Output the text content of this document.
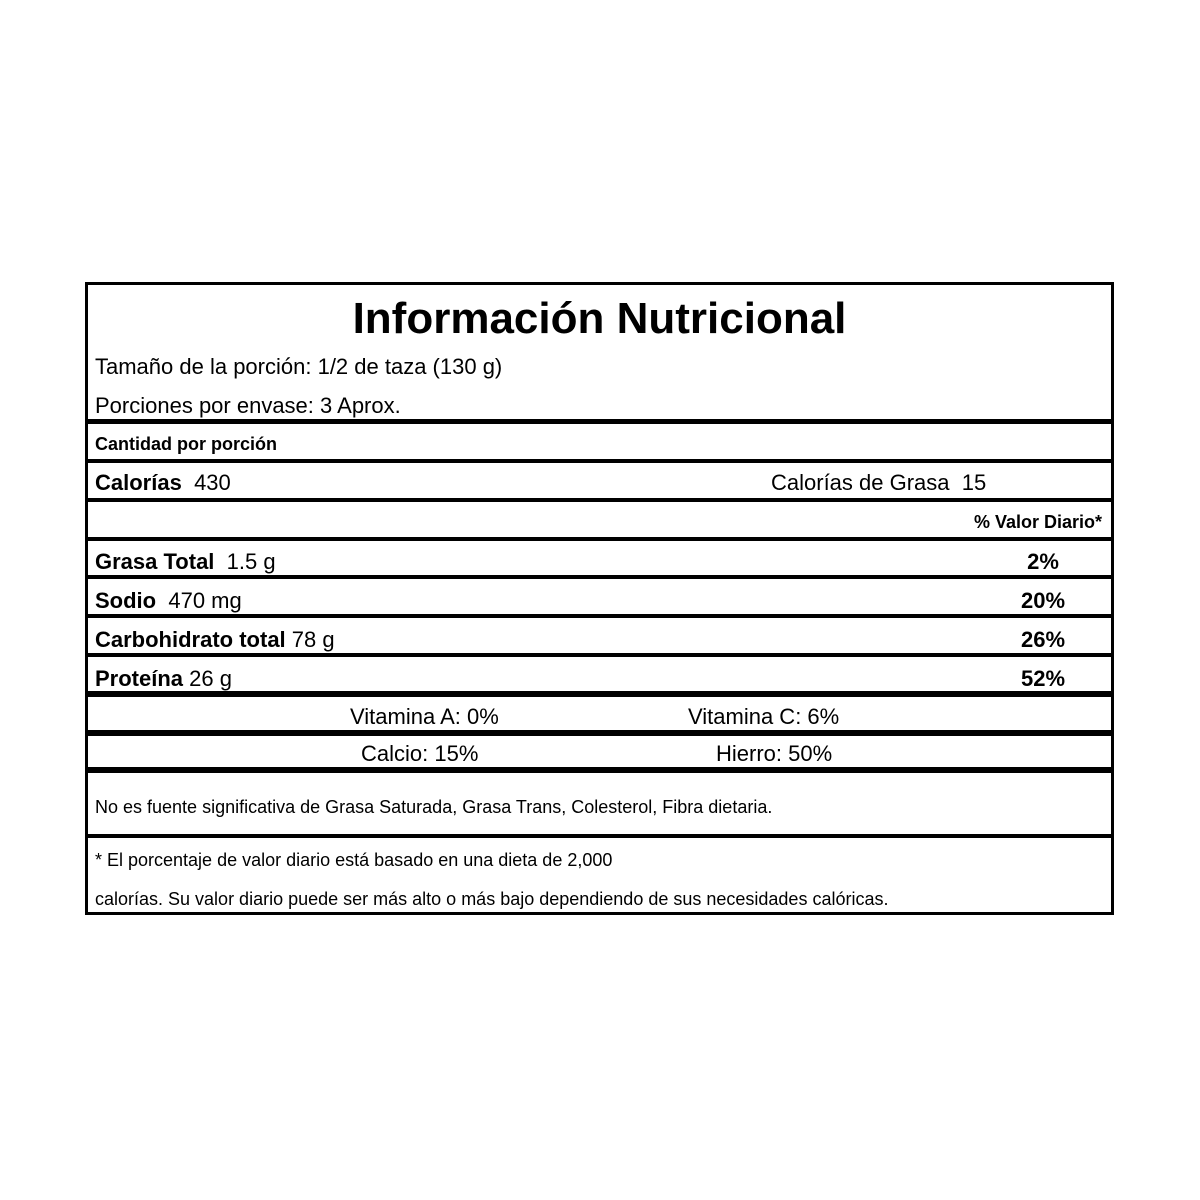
Información Nutricional
Tamaño de la porción: 1/2 de taza (130 g)
Porciones por envase: 3 Aprox.
Cantidad por porción
Calorías 430	Calorías de Grasa 15
% Valor Diario*
Grasa Total 1.5 g	2%
Sodio 470 mg	20%
Carbohidrato total 78 g	26%
Proteína 26 g	52%
Vitamina A: 0%	Vitamina C: 6%
Calcio: 15%	Hierro: 50%
No es fuente significativa de Grasa Saturada, Grasa Trans, Colesterol, Fibra dietaria.
* El porcentaje de valor diario está basado en una dieta de 2,000
calorías. Su valor diario puede ser más alto o más bajo dependiendo de sus necesidades calóricas.
